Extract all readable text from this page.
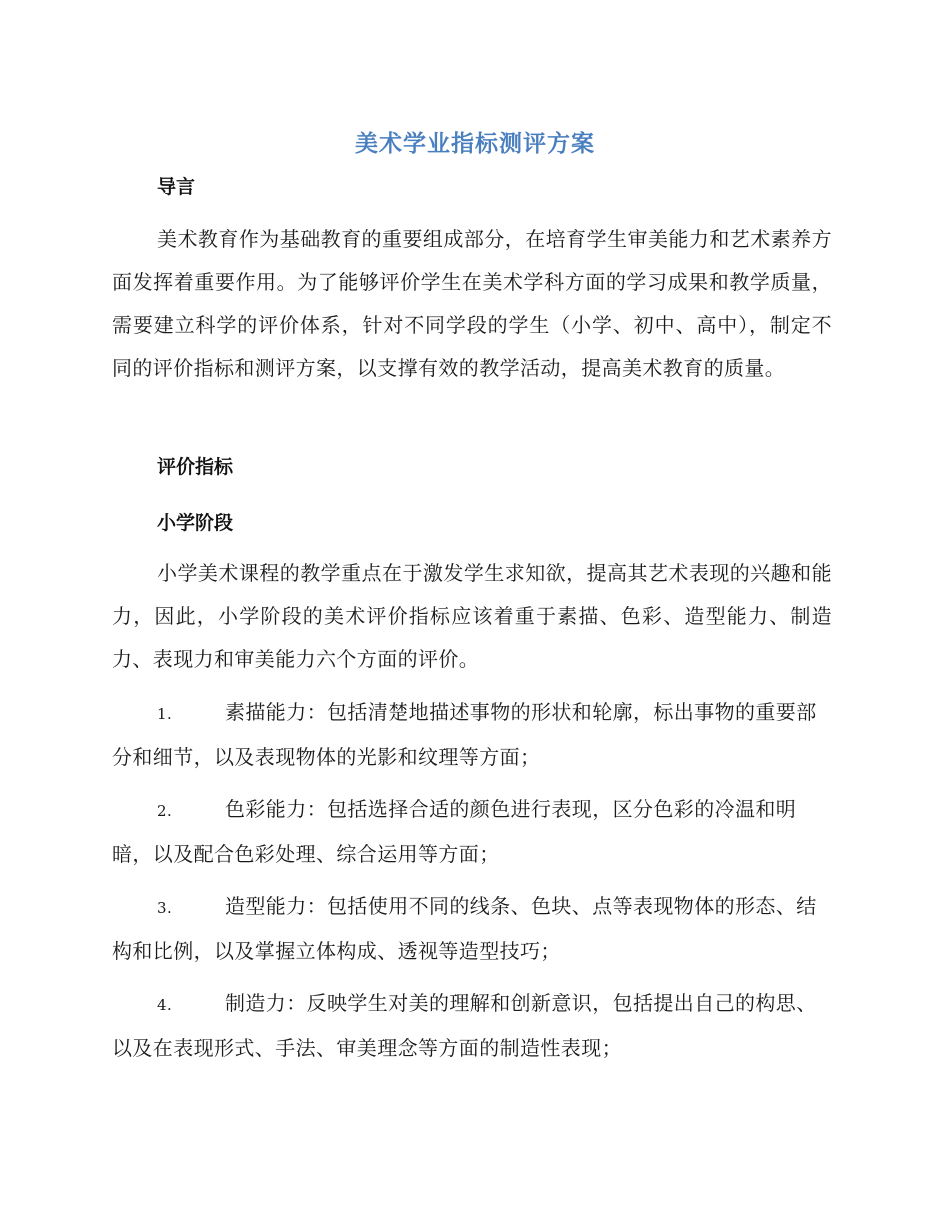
美术学业指标测评方案
导言

美术教育作为基础教育的重要组成部分，在培育学生审美能力和艺术素养方面发挥着重要作用。为了能够评价学生在美术学科方面的学习成果和教学质量，需要建立科学的评价体系，针对不同学段的学生（小学、初中、高中），制定不同的评价指标和测评方案，以支撑有效的教学活动，提高美术教育的质量。

评价指标
小学阶段

小学美术课程的教学重点在于激发学生求知欲，提高其艺术表现的兴趣和能力，因此，小学阶段的美术评价指标应该着重于素描、色彩、造型能力、制造力、表现力和审美能力六个方面的评价。

1.	素描能力：包括清楚地描述事物的形状和轮廓，标出事物的重要部分和细节，以及表现物体的光影和纹理等方面；

2.	色彩能力：包括选择合适的颜色进行表现，区分色彩的冷温和明暗，以及配合色彩处理、综合运用等方面；

3.	造型能力：包括使用不同的线条、色块、点等表现物体的形态、结构和比例，以及掌握立体构成、透视等造型技巧；

4.	制造力：反映学生对美的理解和创新意识，包括提出自己的构思、以及在表现形式、手法、审美理念等方面的制造性表现；
